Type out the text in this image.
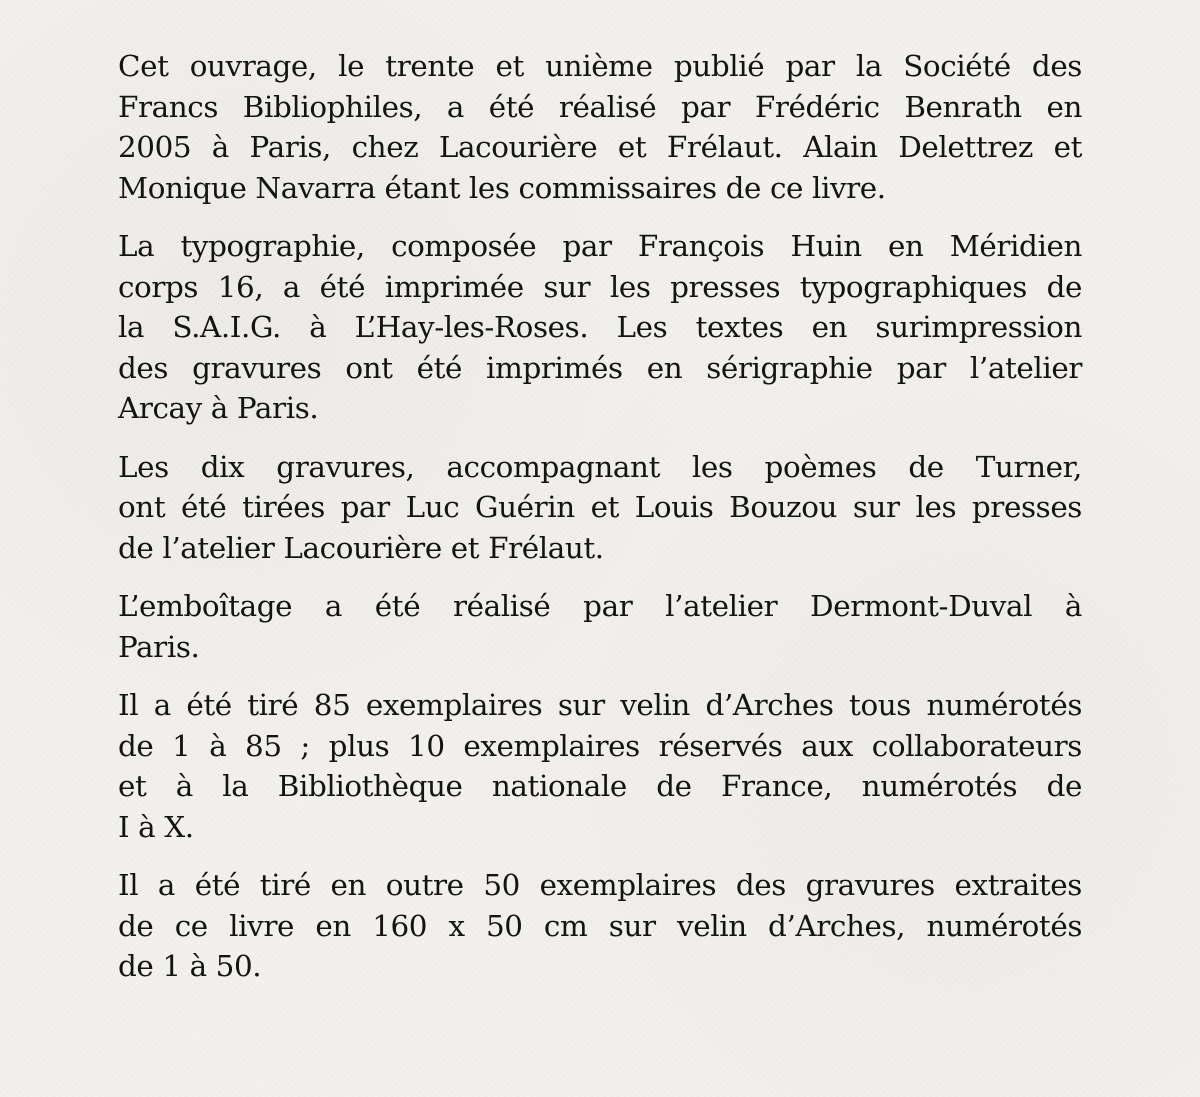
Cet ouvrage, le trente et unième publié par la Société des
Francs Bibliophiles, a été réalisé par Frédéric Benrath en
2005 à Paris, chez Lacourière et Frélaut. Alain Delettrez et
Monique Navarra étant les commissaires de ce livre.

La typographie, composée par François Huin en Méridien
corps 16, a été imprimée sur les presses typographiques de
la S.A.I.G. à L’Hay-les-Roses. Les textes en surimpression
des gravures ont été imprimés en sérigraphie par l’atelier
Arcay à Paris.

Les dix gravures, accompagnant les poèmes de Turner,
ont été tirées par Luc Guérin et Louis Bouzou sur les presses
de l’atelier Lacourière et Frélaut.

L’emboîtage a été réalisé par l’atelier Dermont-Duval à
Paris.

Il a été tiré 85 exemplaires sur velin d’Arches tous numérotés
de 1 à 85 ; plus 10 exemplaires réservés aux collaborateurs
et à la Bibliothèque nationale de France, numérotés de
I à X.

Il a été tiré en outre 50 exemplaires des gravures extraites
de ce livre en 160 x 50 cm sur velin d’Arches, numérotés
de 1 à 50.
